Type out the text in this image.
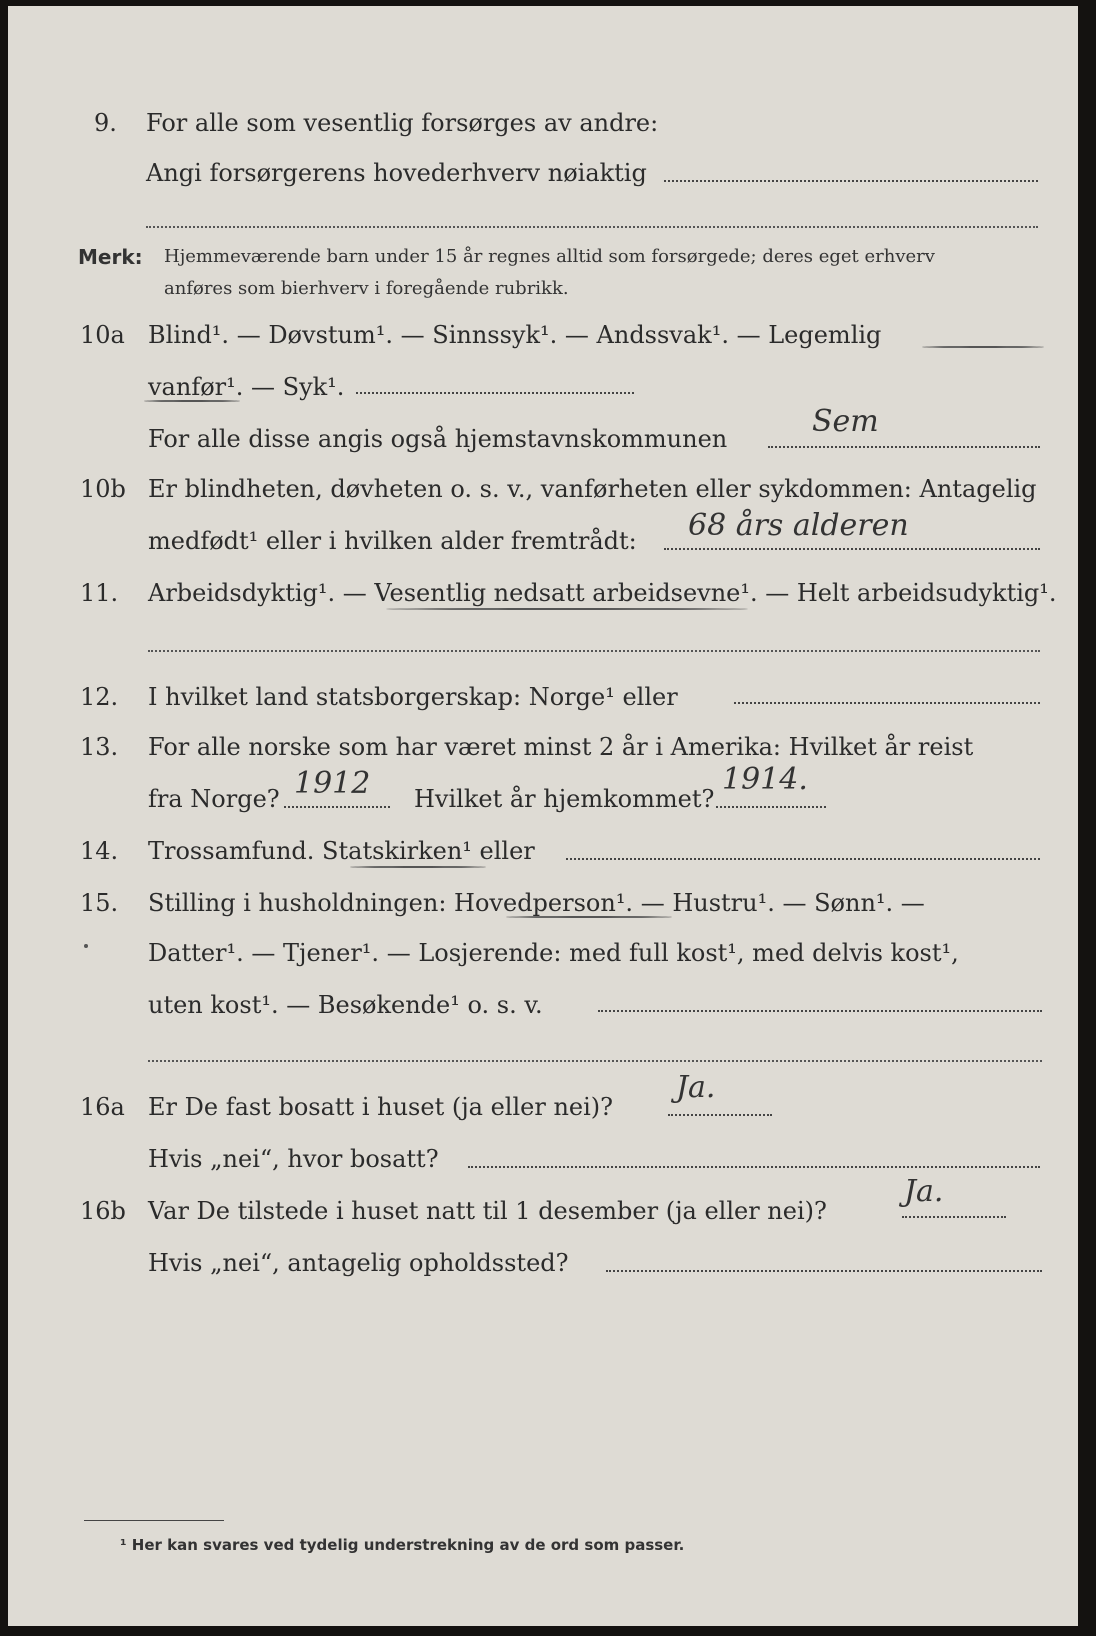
9. For alle som vesentlig forsørges av andre:
Angi forsørgerens hovederhverv nøiaktig
Merk: Hjemmeværende barn under 15 år regnes alltid som forsørgede; deres eget erhverv
anføres som bierhverv i foregående rubrikk.
10a Blind¹. — Døvstum¹. — Sinnssyk¹. — Andssvak¹. — Legemlig
vanfør¹. — Syk¹.
For alle disse angis også hjemstavnskommunen	Sem
10b Er blindheten, døvheten o. s. v., vanførheten eller sykdommen: Antagelig
medfødt¹ eller i hvilken alder fremtrådt: 68 års alderen
11. Arbeidsdyktig¹. — Vesentlig nedsatt arbeidsevne¹. — Helt arbeidsudyktig¹.
12. I hvilket land statsborgerskap: Norge¹ eller
13. For alle norske som har været minst 2 år i Amerika: Hvilket år reist
fra Norge? 1912 Hvilket år hjemkommet?
1914.
14. Trossamfund. Statskirken¹ eller
15. Stilling i husholdningen: Hovedperson¹. — Hustru¹. — Sønn¹. —
Datter¹. — Tjener¹. — Losjerende: med full kost¹, med delvis kost¹,
uten kost¹. — Besøkende¹ o. s. v.
16a Er De fast bosatt i huset (ja eller nei)?
Ja.
Hvis „nei“, hvor bosatt?
16b Var De tilstede i huset natt til 1 desember (ja eller nei)?
Ja.
Hvis „nei“, antagelig opholdssted?
¹ Her kan svares ved tydelig understrekning av de ord som passer.
